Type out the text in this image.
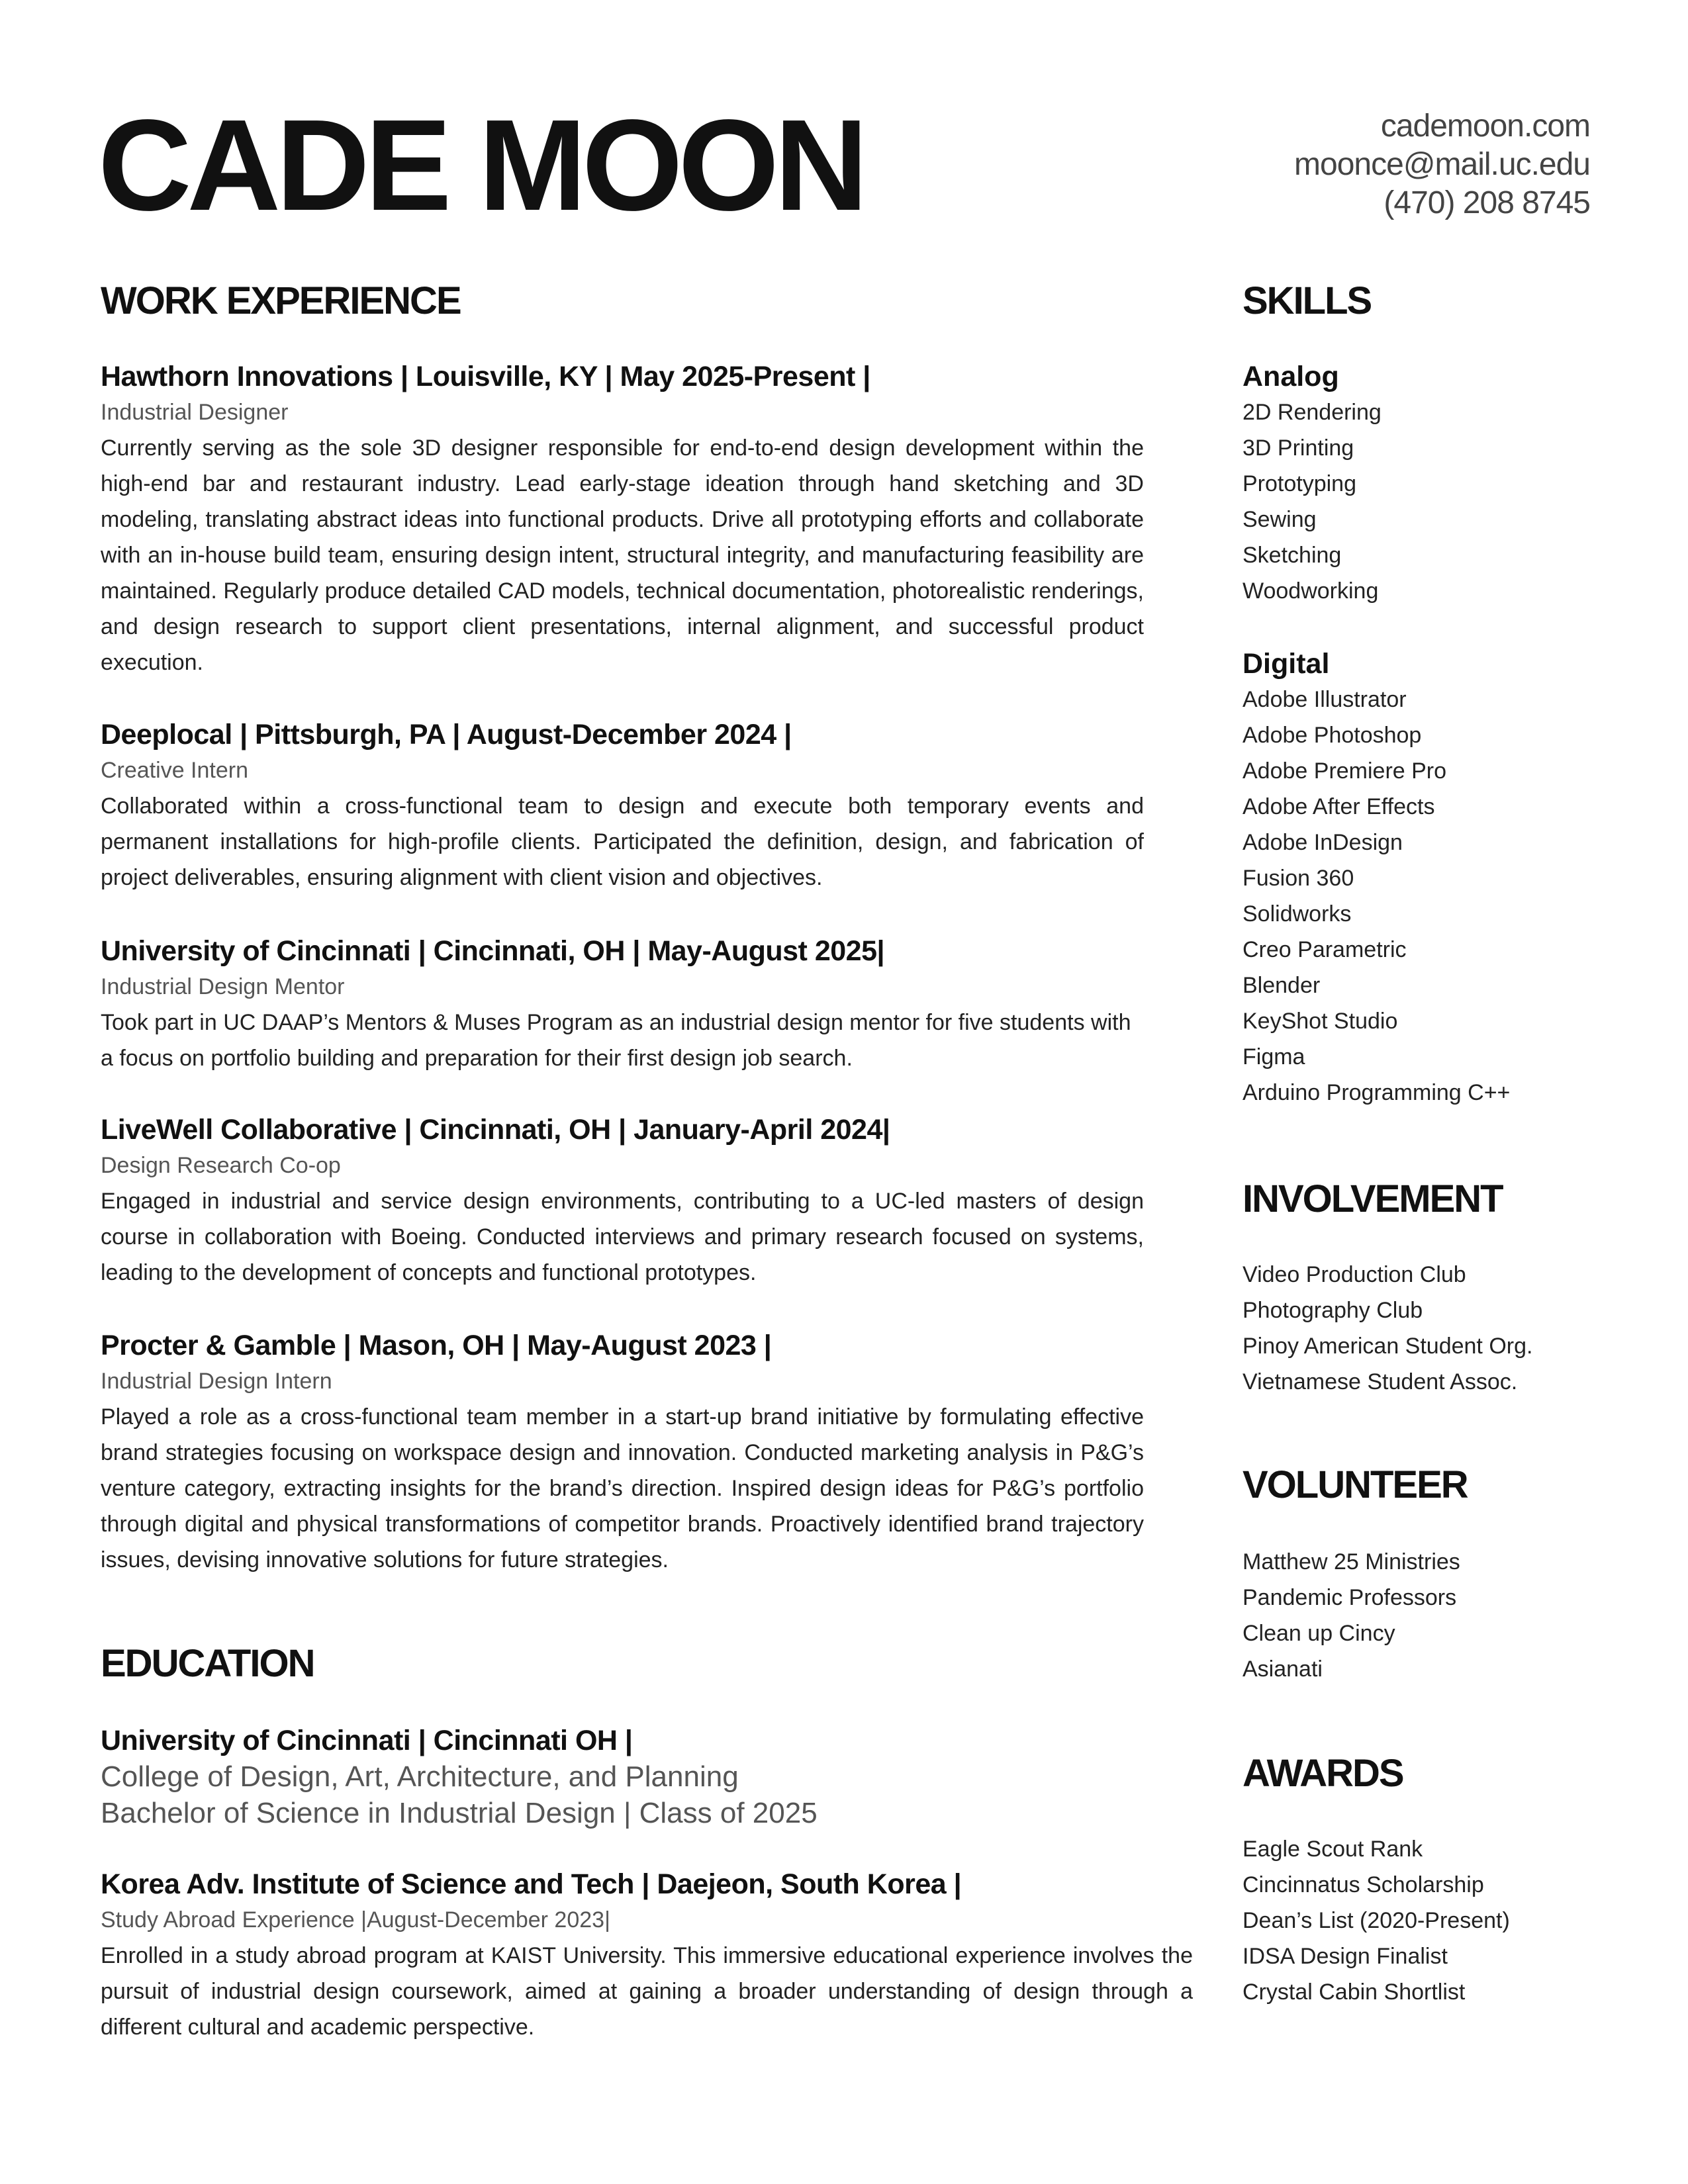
CADE MOON	cademoon.com
moonce@mail.uc.edu
(470) 208 8745
WORK EXPERIENCE
Hawthorn Innovations | Louisville, KY | May 2025-Present |
Industrial Designer
Currently serving as the sole 3D designer responsible for end-to-end design development within the high-end bar and restaurant industry. Lead early-stage ideation through hand sketching and 3D modeling, translating abstract ideas into functional products. Drive all prototyping efforts and collaborate with an in-house build team, ensuring design intent, structural integrity, and manufacturing feasibility are maintained. Regularly produce detailed CAD models, technical documentation, photorealistic renderings, and design research to support client presentations, internal alignment, and successful product execution.
Deeplocal | Pittsburgh, PA | August-December 2024 |
Creative Intern
Collaborated within a cross-functional team to design and execute both temporary events and permanent installations for high-profile clients. Participated the definition, design, and fabrication of project deliverables, ensuring alignment with client vision and objectives.
University of Cincinnati | Cincinnati, OH | May-August 2025|
Industrial Design Mentor
Took part in UC DAAP’s Mentors & Muses Program as an industrial design mentor for five students with a focus on portfolio building and preparation for their first design job search.
LiveWell Collaborative | Cincinnati, OH | January-April 2024|
Design Research Co-op
Engaged in industrial and service design environments, contributing to a UC-led masters of design course in collaboration with Boeing. Conducted interviews and primary research focused on systems, leading to the development of concepts and functional prototypes.
Procter & Gamble | Mason, OH | May-August 2023 |
Industrial Design Intern
Played a role as a cross-functional team member in a start-up brand initiative by formulating effective brand strategies focusing on workspace design and innovation. Conducted marketing analysis in P&G’s venture category, extracting insights for the brand’s direction. Inspired design ideas for P&G’s portfolio through digital and physical transformations of competitor brands. Proactively identified brand trajectory issues, devising innovative solutions for future strategies.
EDUCATION
University of Cincinnati | Cincinnati OH |
College of Design, Art, Architecture, and Planning
Bachelor of Science in Industrial Design | Class of 2025
Korea Adv. Institute of Science and Tech | Daejeon, South Korea |
Study Abroad Experience |August-December 2023|
Enrolled in a study abroad program at KAIST University. This immersive educational experience involves the pursuit of industrial design coursework, aimed at gaining a broader understanding of design through a different cultural and academic perspective.
SKILLS
Analog
2D Rendering
3D Printing
Prototyping
Sewing
Sketching
Woodworking
Digital
Adobe Illustrator
Adobe Photoshop
Adobe Premiere Pro
Adobe After Effects
Adobe InDesign
Fusion 360
Solidworks
Creo Parametric
Blender
KeyShot Studio
Figma
Arduino Programming C++
INVOLVEMENT
Video Production Club
Photography Club
Pinoy American Student Org.
Vietnamese Student Assoc.
VOLUNTEER
Matthew 25 Ministries
Pandemic Professors
Clean up Cincy
Asianati
AWARDS
Eagle Scout Rank
Cincinnatus Scholarship
Dean’s List (2020-Present)
IDSA Design Finalist
Crystal Cabin Shortlist
